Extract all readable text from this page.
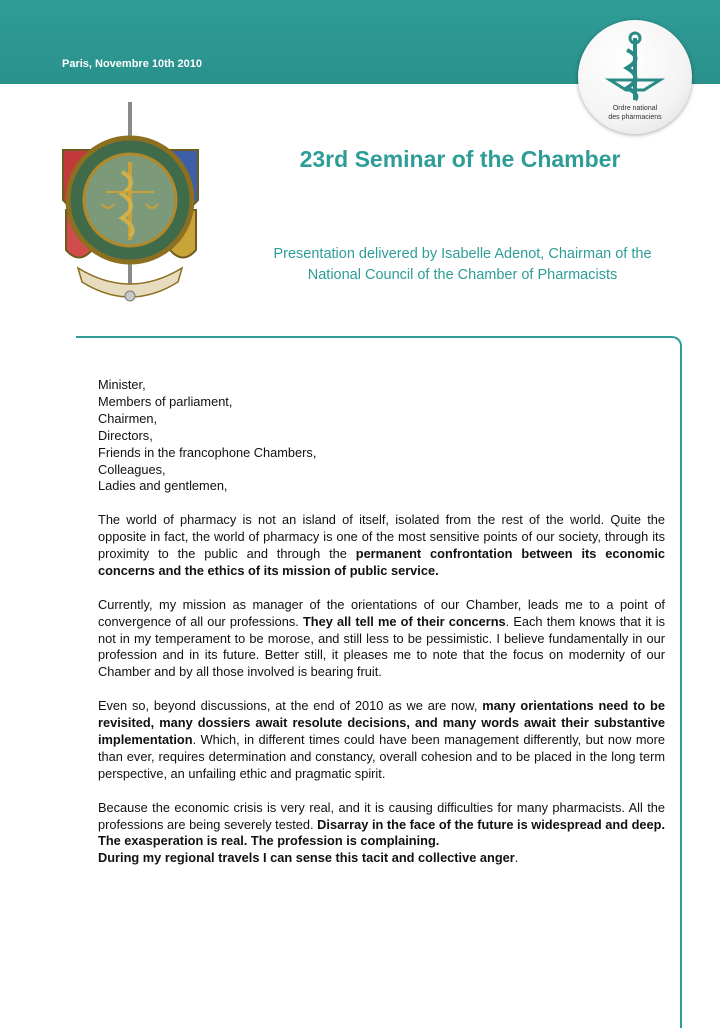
Paris, Novembre 10th 2010
Ordre national
des pharmaciens
23rd Seminar of the Chamber
Presentation delivered by Isabelle Adenot, Chairman of the National Council of the Chamber of Pharmacists
Minister,
Members of parliament,
Chairmen,
Directors,
Friends in the francophone Chambers,
Colleagues,
Ladies and gentlemen,

The world of pharmacy is not an island of itself, isolated from the rest of the world. Quite the opposite in fact, the world of pharmacy is one of the most sensitive points of our society, through its proximity to the public and through the permanent confrontation between its economic concerns and the ethics of its mission of public service.

Currently, my mission as manager of the orientations of our Chamber, leads me to a point of convergence of all our professions. They all tell me of their concerns. Each them knows that it is not in my temperament to be morose, and still less to be pessimistic. I believe fundamentally in our profession and in its future. Better still, it pleases me to note that the focus on modernity of our Chamber and by all those involved is bearing fruit.

Even so, beyond discussions, at the end of 2010 as we are now, many orientations need to be revisited, many dossiers await resolute decisions, and many words await their substantive implementation. Which, in different times could have been management differently, but now more than ever, requires determination and constancy, overall cohesion and to be placed in the long term perspective, an unfailing ethic and pragmatic spirit.

Because the economic crisis is very real, and it is causing difficulties for many pharmacists. All the professions are being severely tested. Disarray in the face of the future is widespread and deep. The exasperation is real. The profession is complaining.

During my regional travels I can sense this tacit and collective anger.
